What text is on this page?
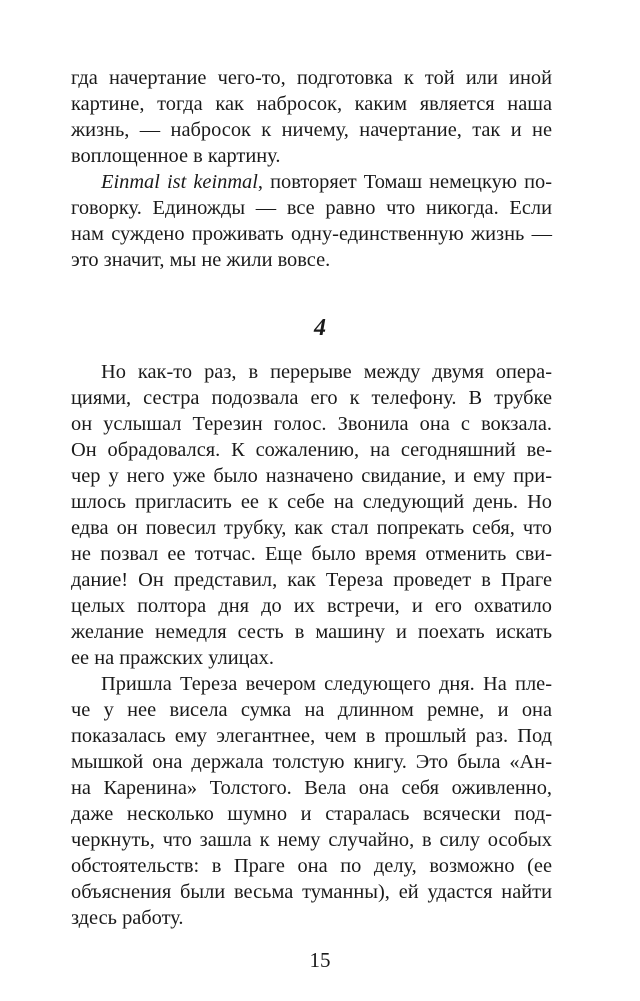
гда начертание чего-то, подготовка к той или иной
картине, тогда как набросок, каким является наша
жизнь, — набросок к ничему, начертание, так и не
воплощенное в картину.
Einmal ist keinmal, повторяет Томаш немецкую по-
говорку. Единожды — все равно что никогда. Если
нам суждено проживать одну-единственную жизнь —
это значит, мы не жили вовсе.
4
Но как-то раз, в перерыве между двумя опера-
циями, сестра подозвала его к телефону. В трубке
он услышал Терезин голос. Звонила она с вокзала.
Он обрадовался. К сожалению, на сегодняшний ве-
чер у него уже было назначено свидание, и ему при-
шлось пригласить ее к себе на следующий день. Но
едва он повесил трубку, как стал попрекать себя, что
не позвал ее тотчас. Еще было время отменить сви-
дание! Он представил, как Тереза проведет в Праге
целых полтора дня до их встречи, и его охватило
желание немедля сесть в машину и поехать искать
ее на пражских улицах.
Пришла Тереза вечером следующего дня. На пле-
че у нее висела сумка на длинном ремне, и она
показалась ему элегантнее, чем в прошлый раз. Под
мышкой она держала толстую книгу. Это была «Ан-
на Каренина» Толстого. Вела она себя оживленно,
даже несколько шумно и старалась всячески под-
черкнуть, что зашла к нему случайно, в силу особых
обстоятельств: в Праге она по делу, возможно (ее
объяснения были весьма туманны), ей удастся найти
здесь работу.
15
